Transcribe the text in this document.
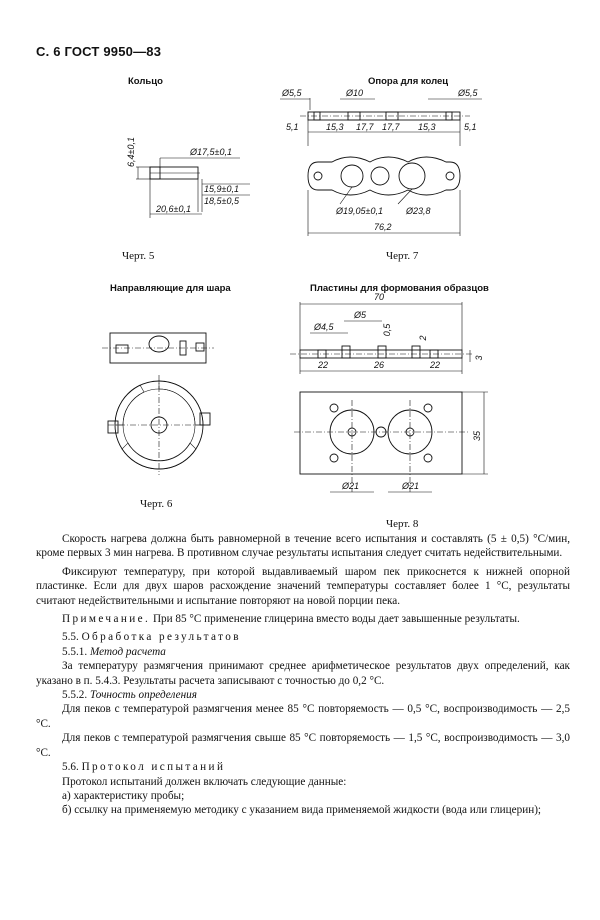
С. 6 ГОСТ 9950—83
Кольцо
6,4±0,1	Ø17,5±0,1
15,9±0,1
18,5±0,5
20,6±0,1
Черт. 5
Опора для колец
Ø5,5	Ø10	Ø5,5
5,1	15,3 17,7 17,7 15,3	5,1
Ø19,05±0,1	Ø23,8
76,2
Черт. 7
Направляющие для шара
Черт. 6
Пластины для формования образцов
70
Ø5
Ø4,5	0,5
2
22	26	22
3
35
Ø21	Ø21
Черт. 8

Скорость нагрева должна быть равномерной в течение всего испытания и составлять (5 ± 0,5) °С/мин, кроме первых 3 мин нагрева. В противном случае результаты испытания следует считать недействительными.

Фиксируют температуру, при которой выдавливаемый шаром пек прикоснется к нижней опорной пластинке. Если для двух шаров расхождение значений температуры составляет более 1 °С, результаты считают недействительными и испытание повторяют на новой порции пека.

Примечание. При 85 °С применение глицерина вместо воды дает завышенные результаты.

5.5. Обработка результатов

5.5.1. Метод расчета

За температуру размягчения принимают среднее арифметическое результатов двух определений, как указано в п. 5.4.3. Результаты расчета записывают с точностью до 0,2 °С.

5.5.2. Точность определения

Для пеков с температурой размягчения менее 85 °С повторяемость — 0,5 °С, воспроизводимость — 2,5 °С.

Для пеков с температурой размягчения свыше 85 °С повторяемость — 1,5 °С, воспроизводимость — 3,0 °С.

5.6. Протокол испытаний

Протокол испытаний должен включать следующие данные:

а) характеристику пробы;

б) ссылку на применяемую методику с указанием вида применяемой жидкости (вода или глицерин);
